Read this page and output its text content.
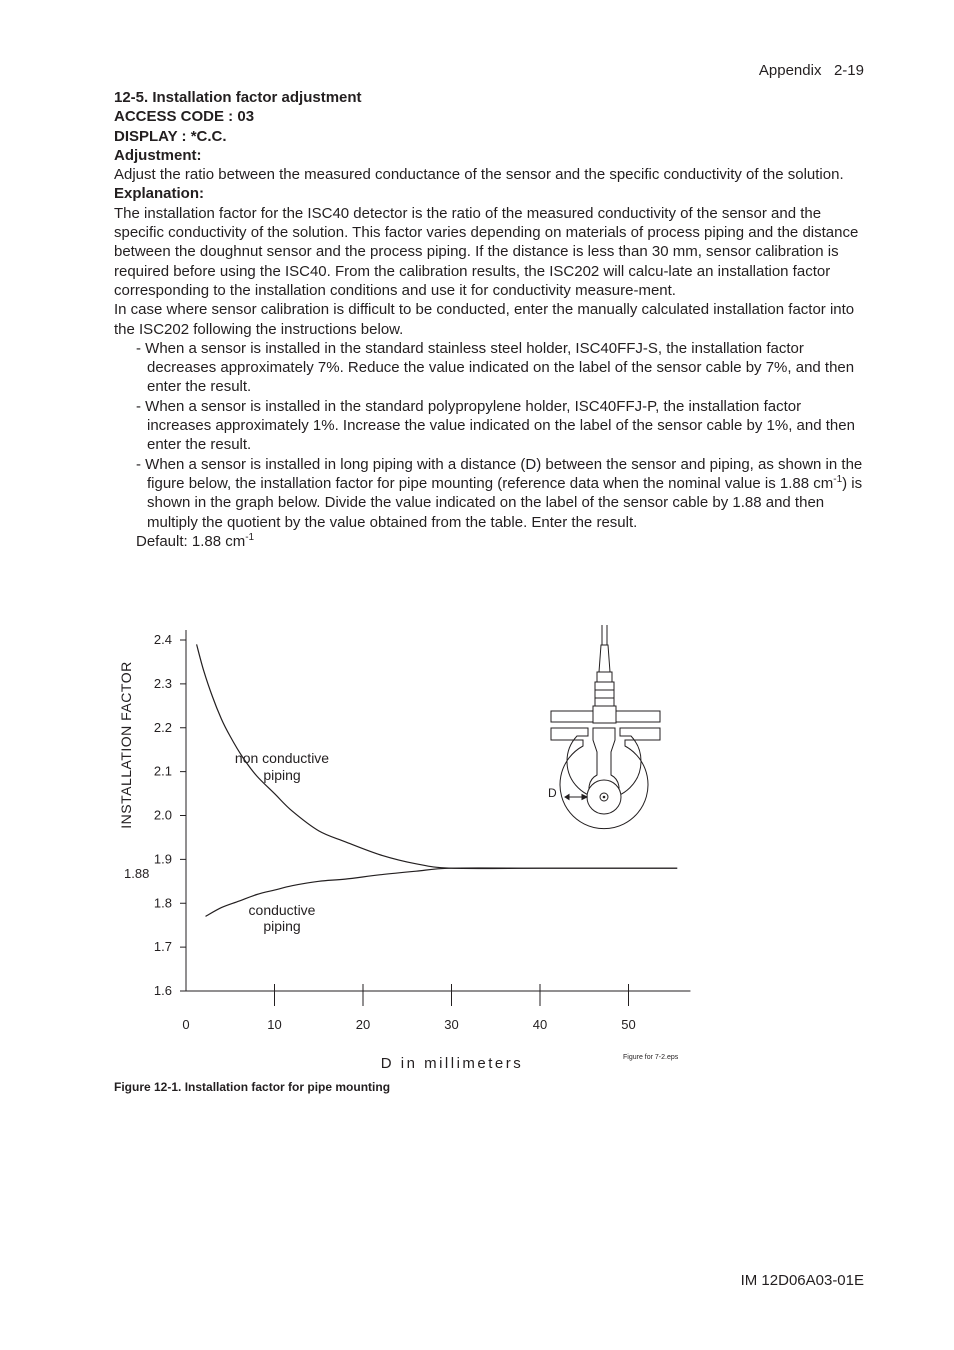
Appendix 2-19

12-5. Installation factor adjustment

ACCESS CODE : 03

DISPLAY : *C.C.

Adjustment:

Adjust the ratio between the measured conductance of the sensor and the specific conductivity of the solution.

Explanation:

The installation factor for the ISC40 detector is the ratio of the measured conductivity of the sensor and the specific conductivity of the solution. This factor varies depending on materials of process piping and the distance between the doughnut sensor and the process piping. If the distance is less than 30 mm, sensor calibration is required before using the ISC40. From the calibration results, the ISC202 will calcu-late an installation factor corresponding to the installation conditions and use it for conductivity measure-ment.

In case where sensor calibration is difficult to be conducted, enter the manually calculated installation factor into the ISC202 following the instructions below.

- When a sensor is installed in the standard stainless steel holder, ISC40FFJ-S, the installation factor decreases approximately 7%. Reduce the value indicated on the label of the sensor cable by 7%, and then enter the result.

- When a sensor is installed in the standard polypropylene holder, ISC40FFJ-P, the installation factor increases approximately 1%. Increase the value indicated on the label of the sensor cable by 1%, and then enter the result.

- When a sensor is installed in long piping with a distance (D) between the sensor and piping, as shown in the figure below, the installation factor for pipe mounting (reference data when the nominal value is 1.88 $cm^{-1}$) is shown in the graph below. Divide the value indicated on the label of the sensor cable by 1.88 and then multiply the quotient by the value obtained from the table. Enter the result.

Default: 1.88 $cm^{-1}$

1.6
1.7
1.8
1.9
2.0
2.1
2.2
2.3
2.4
0	10	20	30	40	50
INSTALLATION FACTOR
D in millimeters
non conductive
piping
conductive
piping
1.88
Figure for 7-2.eps
D
Figure 12-1. Installation factor for pipe mounting
IM 12D06A03-01E
